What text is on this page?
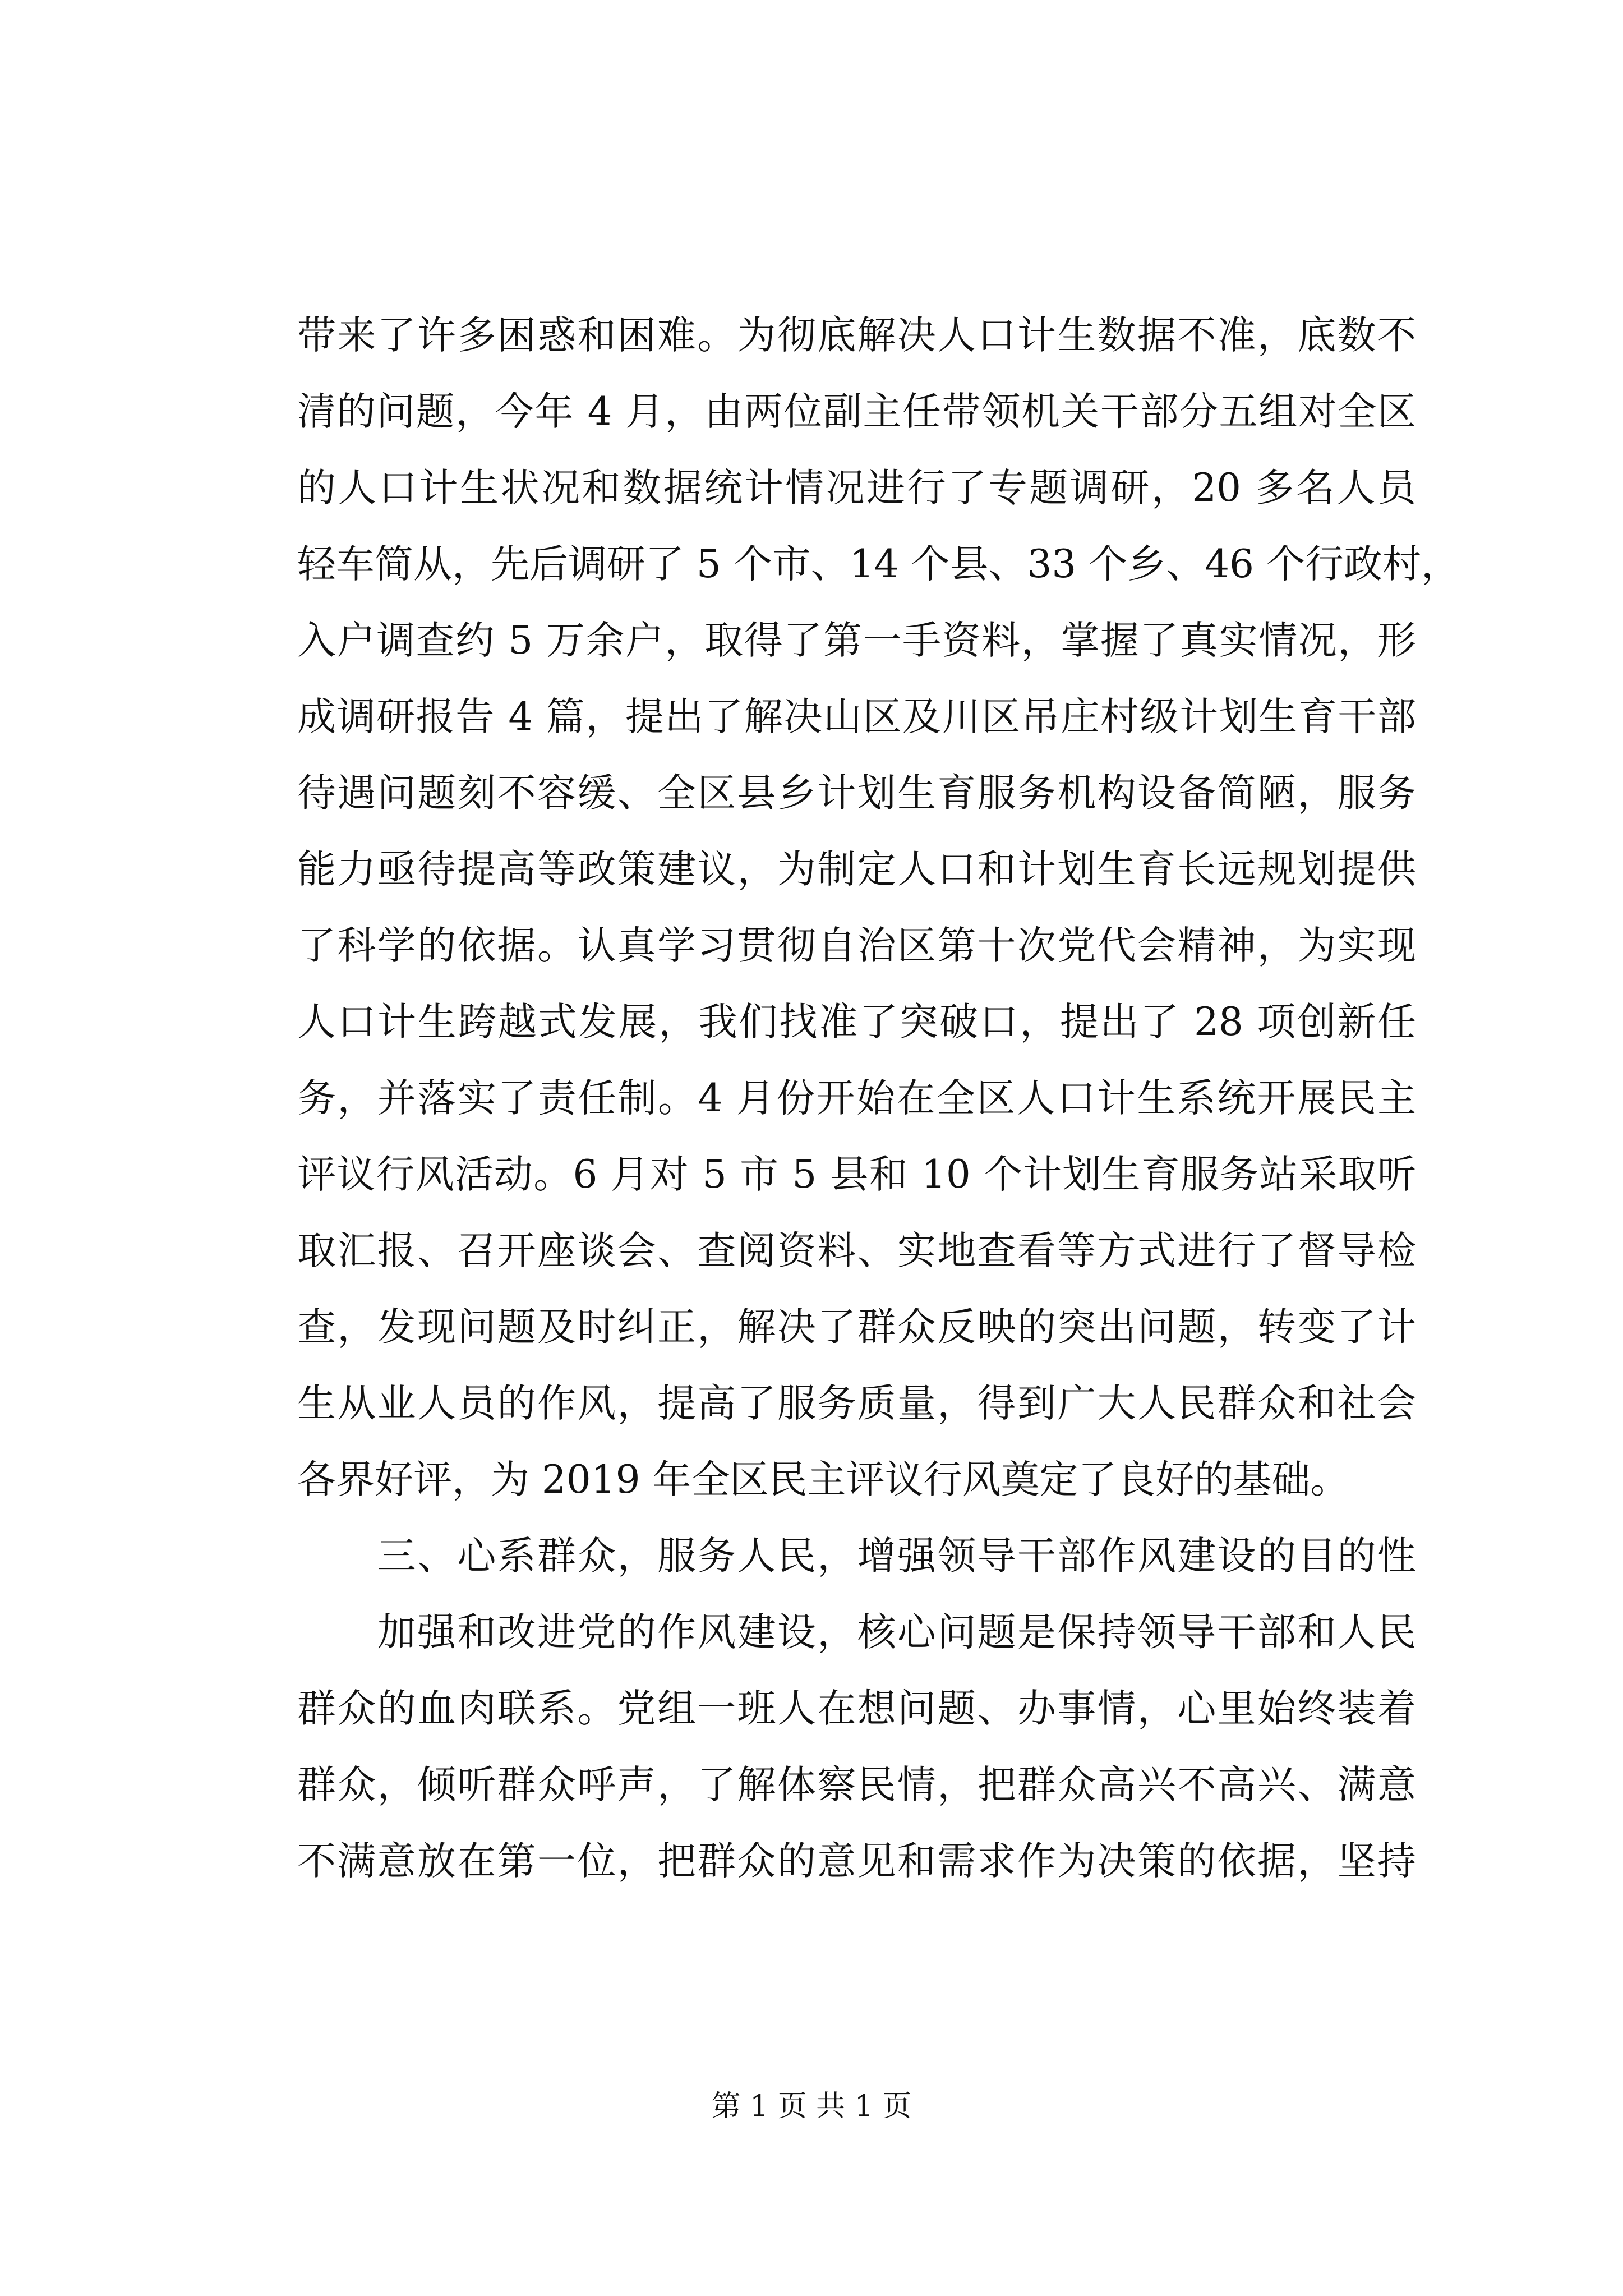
带来了许多困惑和困难。为彻底解决人口计生数据不准，底数不
清的问题，今年 4 月，由两位副主任带领机关干部分五组对全区
的人口计生状况和数据统计情况进行了专题调研，20 多名人员
轻车简从，先后调研了 5 个市、14 个县、33 个乡、46 个行政村，
入户调查约 5 万余户，取得了第一手资料，掌握了真实情况，形
成调研报告 4 篇，提出了解决山区及川区吊庄村级计划生育干部
待遇问题刻不容缓、全区县乡计划生育服务机构设备简陋，服务
能力亟待提高等政策建议，为制定人口和计划生育长远规划提供
了科学的依据。认真学习贯彻自治区第十次党代会精神，为实现
人口计生跨越式发展，我们找准了突破口，提出了 28 项创新任
务，并落实了责任制。4 月份开始在全区人口计生系统开展民主
评议行风活动。6 月对 5 市 5 县和 10 个计划生育服务站采取听
取汇报、召开座谈会、查阅资料、实地查看等方式进行了督导检
查，发现问题及时纠正，解决了群众反映的突出问题，转变了计
生从业人员的作风，提高了服务质量，得到广大人民群众和社会
各界好评，为 2019 年全区民主评议行风奠定了良好的基础。
　　三、心系群众，服务人民，增强领导干部作风建设的目的性
　　加强和改进党的作风建设，核心问题是保持领导干部和人民
群众的血肉联系。党组一班人在想问题、办事情，心里始终装着
群众，倾听群众呼声，了解体察民情，把群众高兴不高兴、满意
不满意放在第一位，把群众的意见和需求作为决策的依据，坚持
第 1 页 共 1 页
